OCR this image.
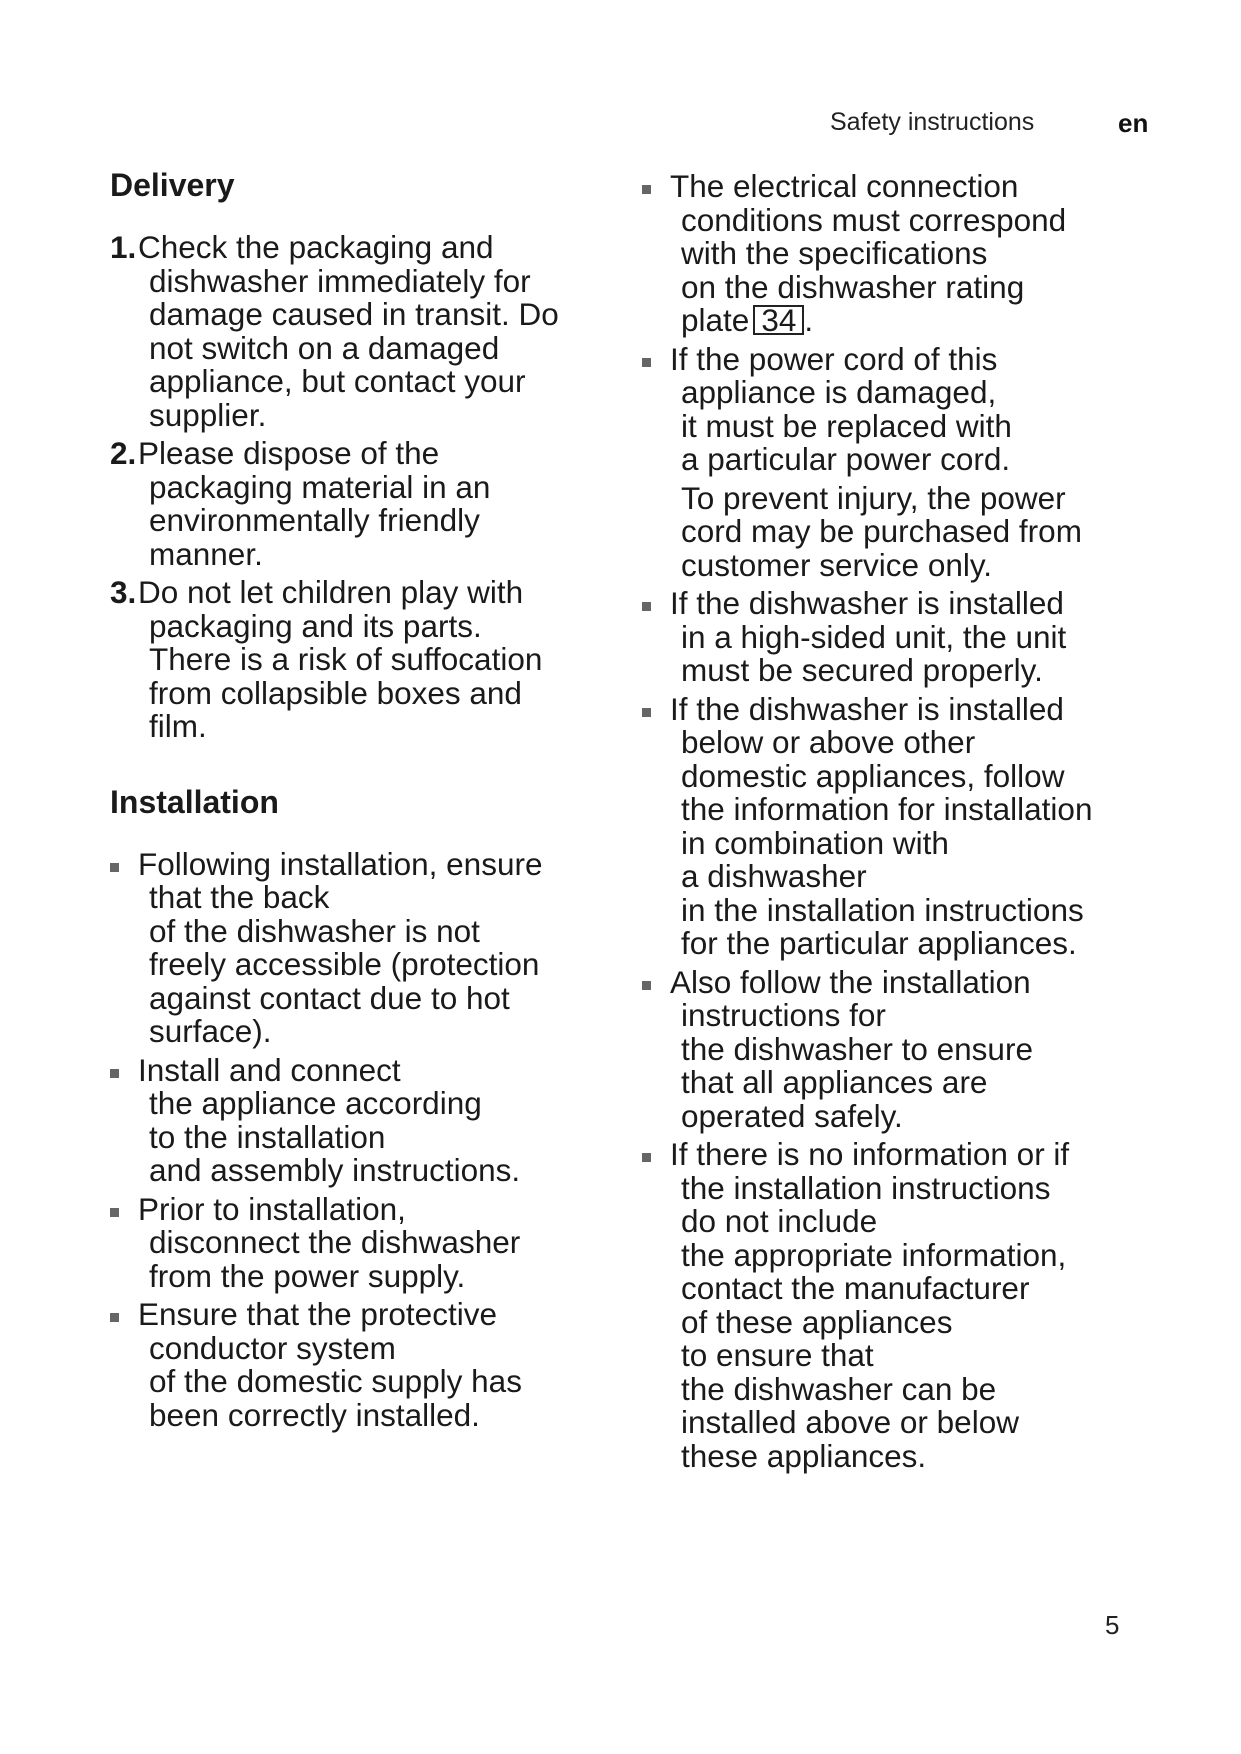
Safety instructions	en
Delivery
1. Check the packaging and
dishwasher immediately for
damage caused in transit. Do
not switch on a damaged
appliance, but contact your
supplier.
2. Please dispose of the
packaging material in an
environmentally friendly
manner.
3. Do not let children play with
packaging and its parts.
There is a risk of suffocation
from collapsible boxes and
film.
Installation
Following installation, ensure
that the back
of the dishwasher is not
freely accessible (protection
against contact due to hot
surface).
Install and connect
the appliance according
to the installation
and assembly instructions.
Prior to installation,
disconnect the dishwasher
from the power supply.
Ensure that the protective
conductor system
of the domestic supply has
been correctly installed.
The electrical connection
conditions must correspond
with the specifications
on the dishwasher rating
plate 34 .
If the power cord of this
appliance is damaged,
it must be replaced with
a particular power cord.
To prevent injury, the power
cord may be purchased from
customer service only.
If the dishwasher is installed
in a high-sided unit, the unit
must be secured properly.
If the dishwasher is installed
below or above other
domestic appliances, follow
the information for installation
in combination with
a dishwasher
in the installation instructions
for the particular appliances.
Also follow the installation
instructions for
the dishwasher to ensure
that all appliances are
operated safely.
If there is no information or if
the installation instructions
do not include
the appropriate information,
contact the manufacturer
of these appliances
to ensure that
the dishwasher can be
installed above or below
these appliances.
5
